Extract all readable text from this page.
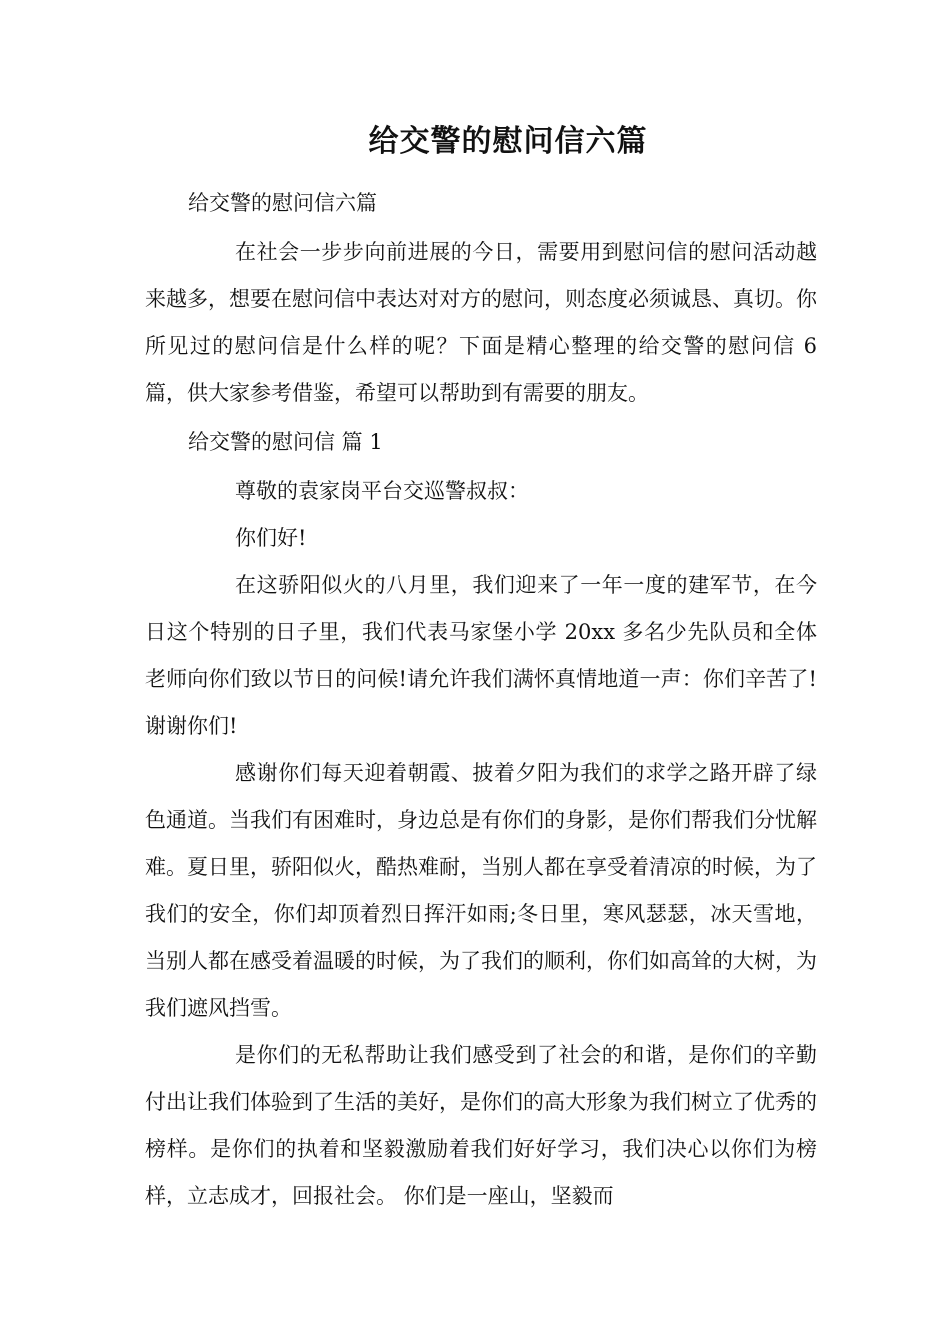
给交警的慰问信六篇

给交警的慰问信六篇

在社会一步步向前进展的今日，需要用到慰问信的慰问活动越来越多，想要在慰问信中表达对对方的慰问，则态度必须诚恳、真切。你所见过的慰问信是什么样的呢？下面是精心整理的给交警的慰问信 6 篇，供大家参考借鉴，希望可以帮助到有需要的朋友。

给交警的慰问信 篇 1

尊敬的袁家岗平台交巡警叔叔：

你们好!

在这骄阳似火的八月里，我们迎来了一年一度的建军节，在今日这个特别的日子里，我们代表马家堡小学 20xx 多名少先队员和全体老师向你们致以节日的问候!请允许我们满怀真情地道一声：你们辛苦了!谢谢你们!

感谢你们每天迎着朝霞、披着夕阳为我们的求学之路开辟了绿色通道。当我们有困难时，身边总是有你们的身影，是你们帮我们分忧解难。夏日里，骄阳似火，酷热难耐，当别人都在享受着清凉的时候，为了我们的安全，你们却顶着烈日挥汗如雨;冬日里，寒风瑟瑟，冰天雪地，当别人都在感受着温暖的时候，为了我们的顺利，你们如高耸的大树，为我们遮风挡雪。

是你们的无私帮助让我们感受到了社会的和谐，是你们的辛勤付出让我们体验到了生活的美好，是你们的高大形象为我们树立了优秀的榜样。是你们的执着和坚毅激励着我们好好学习，我们决心以你们为榜样，立志成才，回报社会。 你们是一座山，坚毅而
